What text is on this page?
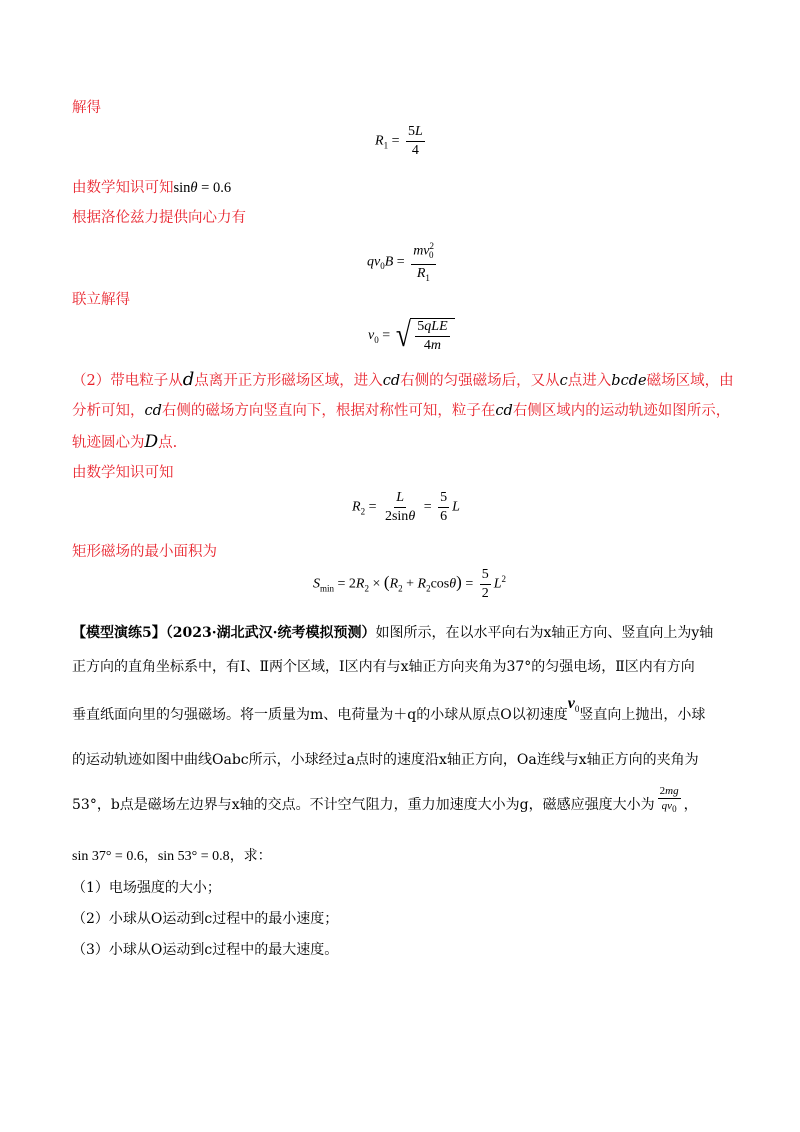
解得
$R_1 = \frac{5L}{4}$
由数学知识可知sinθ = 0.6
根据洛伦兹力提供向心力有
$qv_0B = \frac{mv^2_0}{R_1}$
联立解得
$v_0$ = √ $\frac{\text{5qLE}}{4m}$
（2）带电粒子从d点离开正方形磁场区域，进入cd右侧的匀强磁场后，又从c点进入bcde磁场区域，由
分析可知，cd右侧的磁场方向竖直向下，根据对称性可知，粒子在cd右侧区域内的运动轨迹如图所示，
轨迹圆心为D点.
由数学知识可知
$R_2 = \frac{L}{2\sin\theta} = \frac{5}{6}$ L
矩形磁场的最小面积为
$S_{min} = 2R_2 \times (R_2 + R_2\cos\theta) = \frac{5}{2} L^2$
【模型演练5】（2023·湖北武汉·统考模拟预测）如图所示，在以水平向右为x轴正方向、竖直向上为y轴
正方向的直角坐标系中，有Ⅰ、Ⅱ两个区域，Ⅰ区内有与x轴正方向夹角为37°的匀强电场，Ⅱ区内有方向
垂直纸面向里的匀强磁场。将一质量为m、电荷量为＋q的小球从原点O以初速度$v_0$竖直向上抛出，小球
的运动轨迹如图中曲线Oabc所示，小球经过a点时的速度沿x轴正方向，Oa连线与x轴正方向的夹角为
53°，b点是磁场左边界与x轴的交点。不计空气阻力，重力加速度大小为g，磁感应强度大小为 $\frac{2mg}{qv_0}$ ，
sin 37° = 0.6，sin 53° = 0.8，求：
（1）电场强度的大小；
（2）小球从O运动到c过程中的最小速度；
（3）小球从O运动到c过程中的最大速度。
